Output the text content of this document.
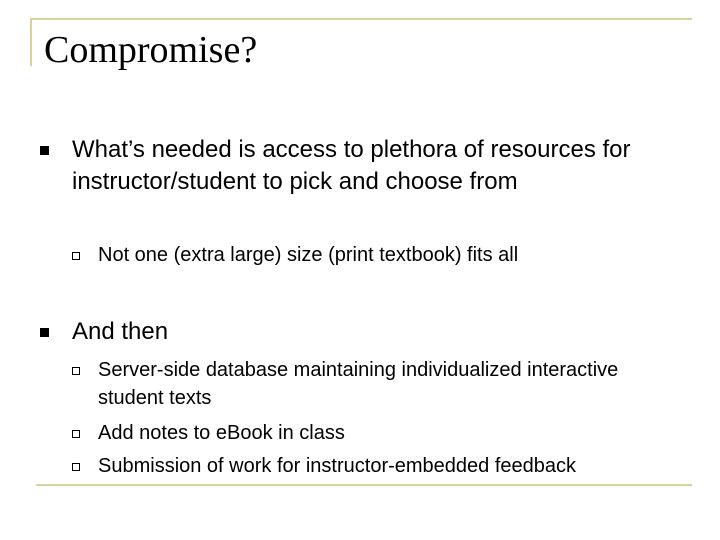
Compromise?
What’s needed is access to plethora of resources for instructor/student to pick and choose from
Not one (extra large) size (print textbook) fits all
And then
Server-side database maintaining individualized interactive student texts
Add notes to eBook in class
Submission of work for instructor-embedded feedback
